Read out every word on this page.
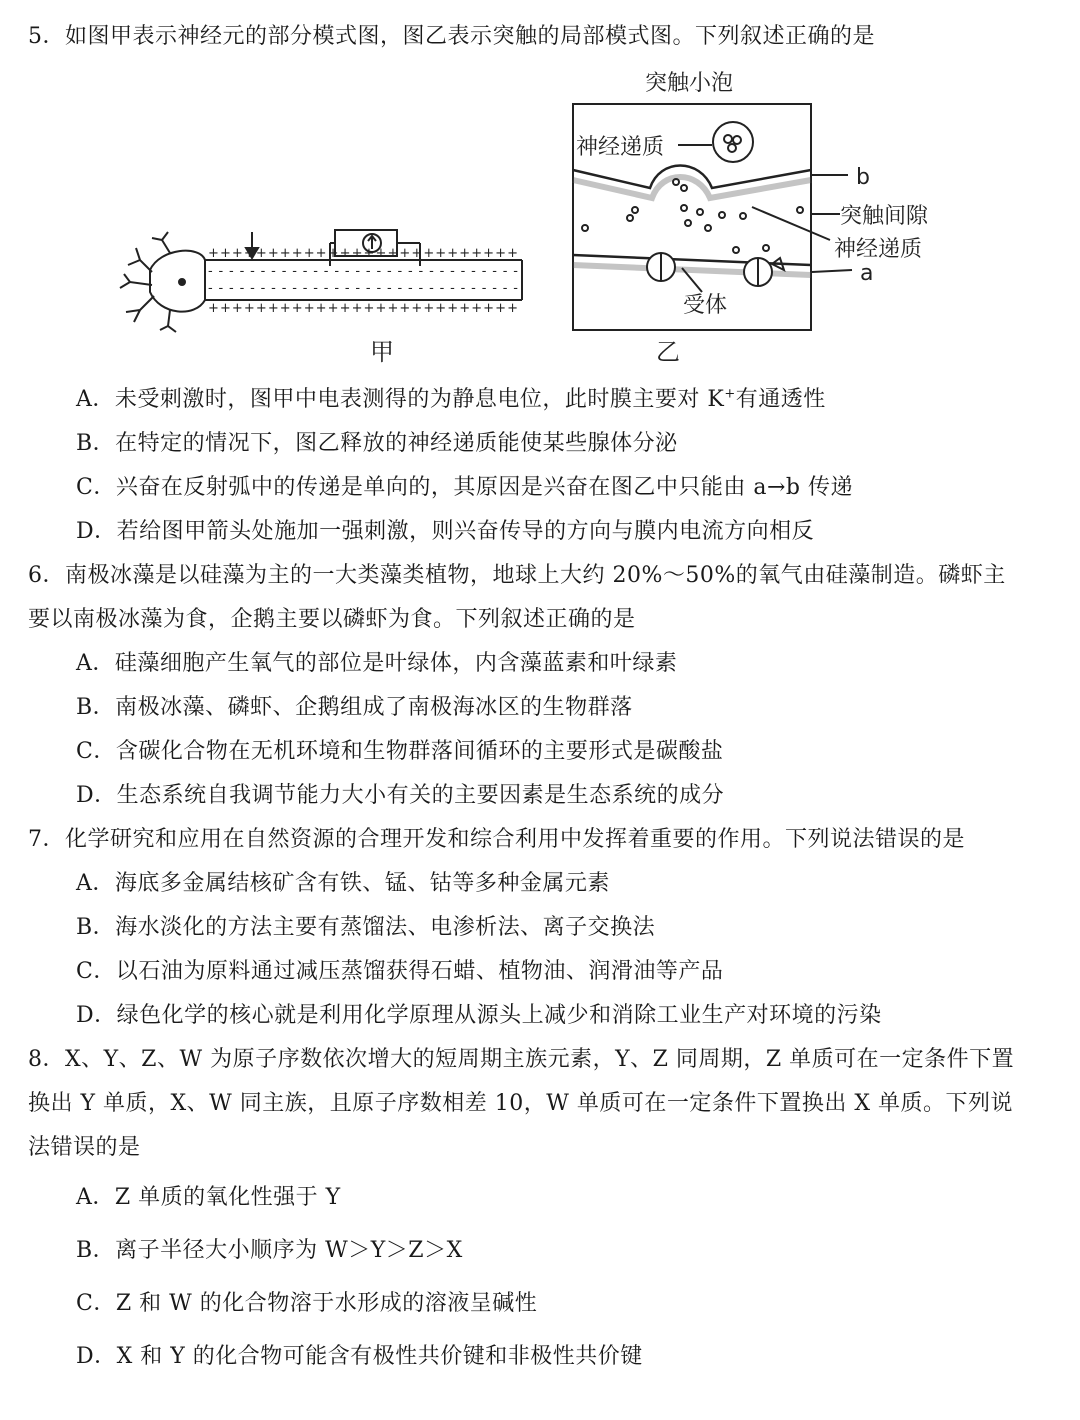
5．如图甲表示神经元的部分模式图，图乙表示突触的局部模式图。下列叙述正确的是
+ + + + + + + + + + + + + + + + + + + + + + + + + +
- - - - - - - - - - - - - - - - - - - - - - - - - - - - - -
- - - - - - - - - - - - - - - - - - - - - - - - - - - - - -
+ + + + + + + + + + + + + + + + + + + + + + + + + +
甲
突触小泡
神经递质
b
突触间隙
神经递质
a
受体
乙
A．未受刺激时，图甲中电表测得的为静息电位，此时膜主要对 K+有通透性
B．在特定的情况下，图乙释放的神经递质能使某些腺体分泌
C．兴奋在反射弧中的传递是单向的，其原因是兴奋在图乙中只能由 a→b 传递
D．若给图甲箭头处施加一强刺激，则兴奋传导的方向与膜内电流方向相反
6．南极冰藻是以硅藻为主的一大类藻类植物，地球上大约 20%～50%的氧气由硅藻制造。磷虾主
要以南极冰藻为食，企鹅主要以磷虾为食。下列叙述正确的是
A．硅藻细胞产生氧气的部位是叶绿体，内含藻蓝素和叶绿素
B．南极冰藻、磷虾、企鹅组成了南极海冰区的生物群落
C．含碳化合物在无机环境和生物群落间循环的主要形式是碳酸盐
D．生态系统自我调节能力大小有关的主要因素是生态系统的成分
7．化学研究和应用在自然资源的合理开发和综合利用中发挥着重要的作用。下列说法错误的是
A．海底多金属结核矿含有铁、锰、钴等多种金属元素
B．海水淡化的方法主要有蒸馏法、电渗析法、离子交换法
C．以石油为原料通过减压蒸馏获得石蜡、植物油、润滑油等产品
D．绿色化学的核心就是利用化学原理从源头上减少和消除工业生产对环境的污染
8．X、Y、Z、W 为原子序数依次增大的短周期主族元素，Y、Z 同周期，Z 单质可在一定条件下置
换出 Y 单质，X、W 同主族，且原子序数相差 10，W 单质可在一定条件下置换出 X 单质。下列说
法错误的是
A．Z 单质的氧化性强于 Y
B．离子半径大小顺序为 W＞Y＞Z＞X
C．Z 和 W 的化合物溶于水形成的溶液呈碱性
D．X 和 Y 的化合物可能含有极性共价键和非极性共价键
